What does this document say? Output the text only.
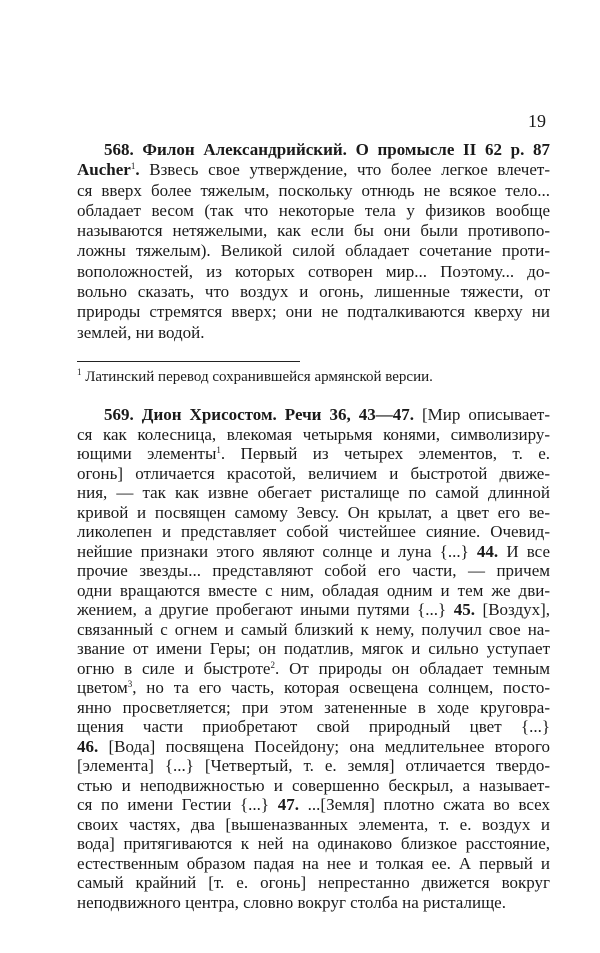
19
568. Филон Александрийский. О промысле II 62 p. 87
Aucher$^1$. Взвесь свое утверждение, что более легкое влечет-
ся вверх более тяжелым, поскольку отнюдь не всякое тело...
обладает весом (так что некоторые тела у физиков вообще
называются нетяжелыми, как если бы они были противопо-
ложны тяжелым). Великой силой обладает сочетание проти-
воположностей, из которых сотворен мир... Поэтому... до-
вольно сказать, что воздух и огонь, лишенные тяжести, от
природы стремятся вверх; они не подталкиваются кверху ни
землей, ни водой.
$^1$ Латинский перевод сохранившейся армянской версии.
569. Дион Хрисостом. Речи 36, 43—47. [Мир описывает-
ся как колесница, влекомая четырьмя конями, символизиру-
ющими элементы$^1$. Первый из четырех элементов, т. е.
огонь] отличается красотой, величием и быстротой движе-
ния, — так как извне обегает ристалище по самой длинной
кривой и посвящен самому Зевсу. Он крылат, а цвет его ве-
ликолепен и представляет собой чистейшее сияние. Очевид-
нейшие признаки этого являют солнце и луна {...} 44. И все
прочие звезды... представляют собой его части, — причем
одни вращаются вместе с ним, обладая одним и тем же дви-
жением, а другие пробегают иными путями {...} 45. [Воздух],
связанный с огнем и самый близкий к нему, получил свое на-
звание от имени Геры; он податлив, мягок и сильно уступает
огню в силе и быстроте$^2$. От природы он обладает темным
цветом$^3$, но та его часть, которая освещена солнцем, посто-
янно просветляется; при этом затененные в ходе круговра-
щения части приобретают свой природный цвет {...}
46. [Вода] посвящена Посейдону; она медлительнее второго
[элемента] {...} [Четвертый, т. е. земля] отличается твердо-
стью и неподвижностью и совершенно бескрыл, а называет-
ся по имени Гестии {...} 47. ...[Земля] плотно сжата во всех
своих частях, два [вышеназванных элемента, т. е. воздух и
вода] притягиваются к ней на одинаково близкое расстояние,
естественным образом падая на нее и толкая ее. А первый и
самый крайний [т. е. огонь] непрестанно движется вокруг
неподвижного центра, словно вокруг столба на ристалище.
